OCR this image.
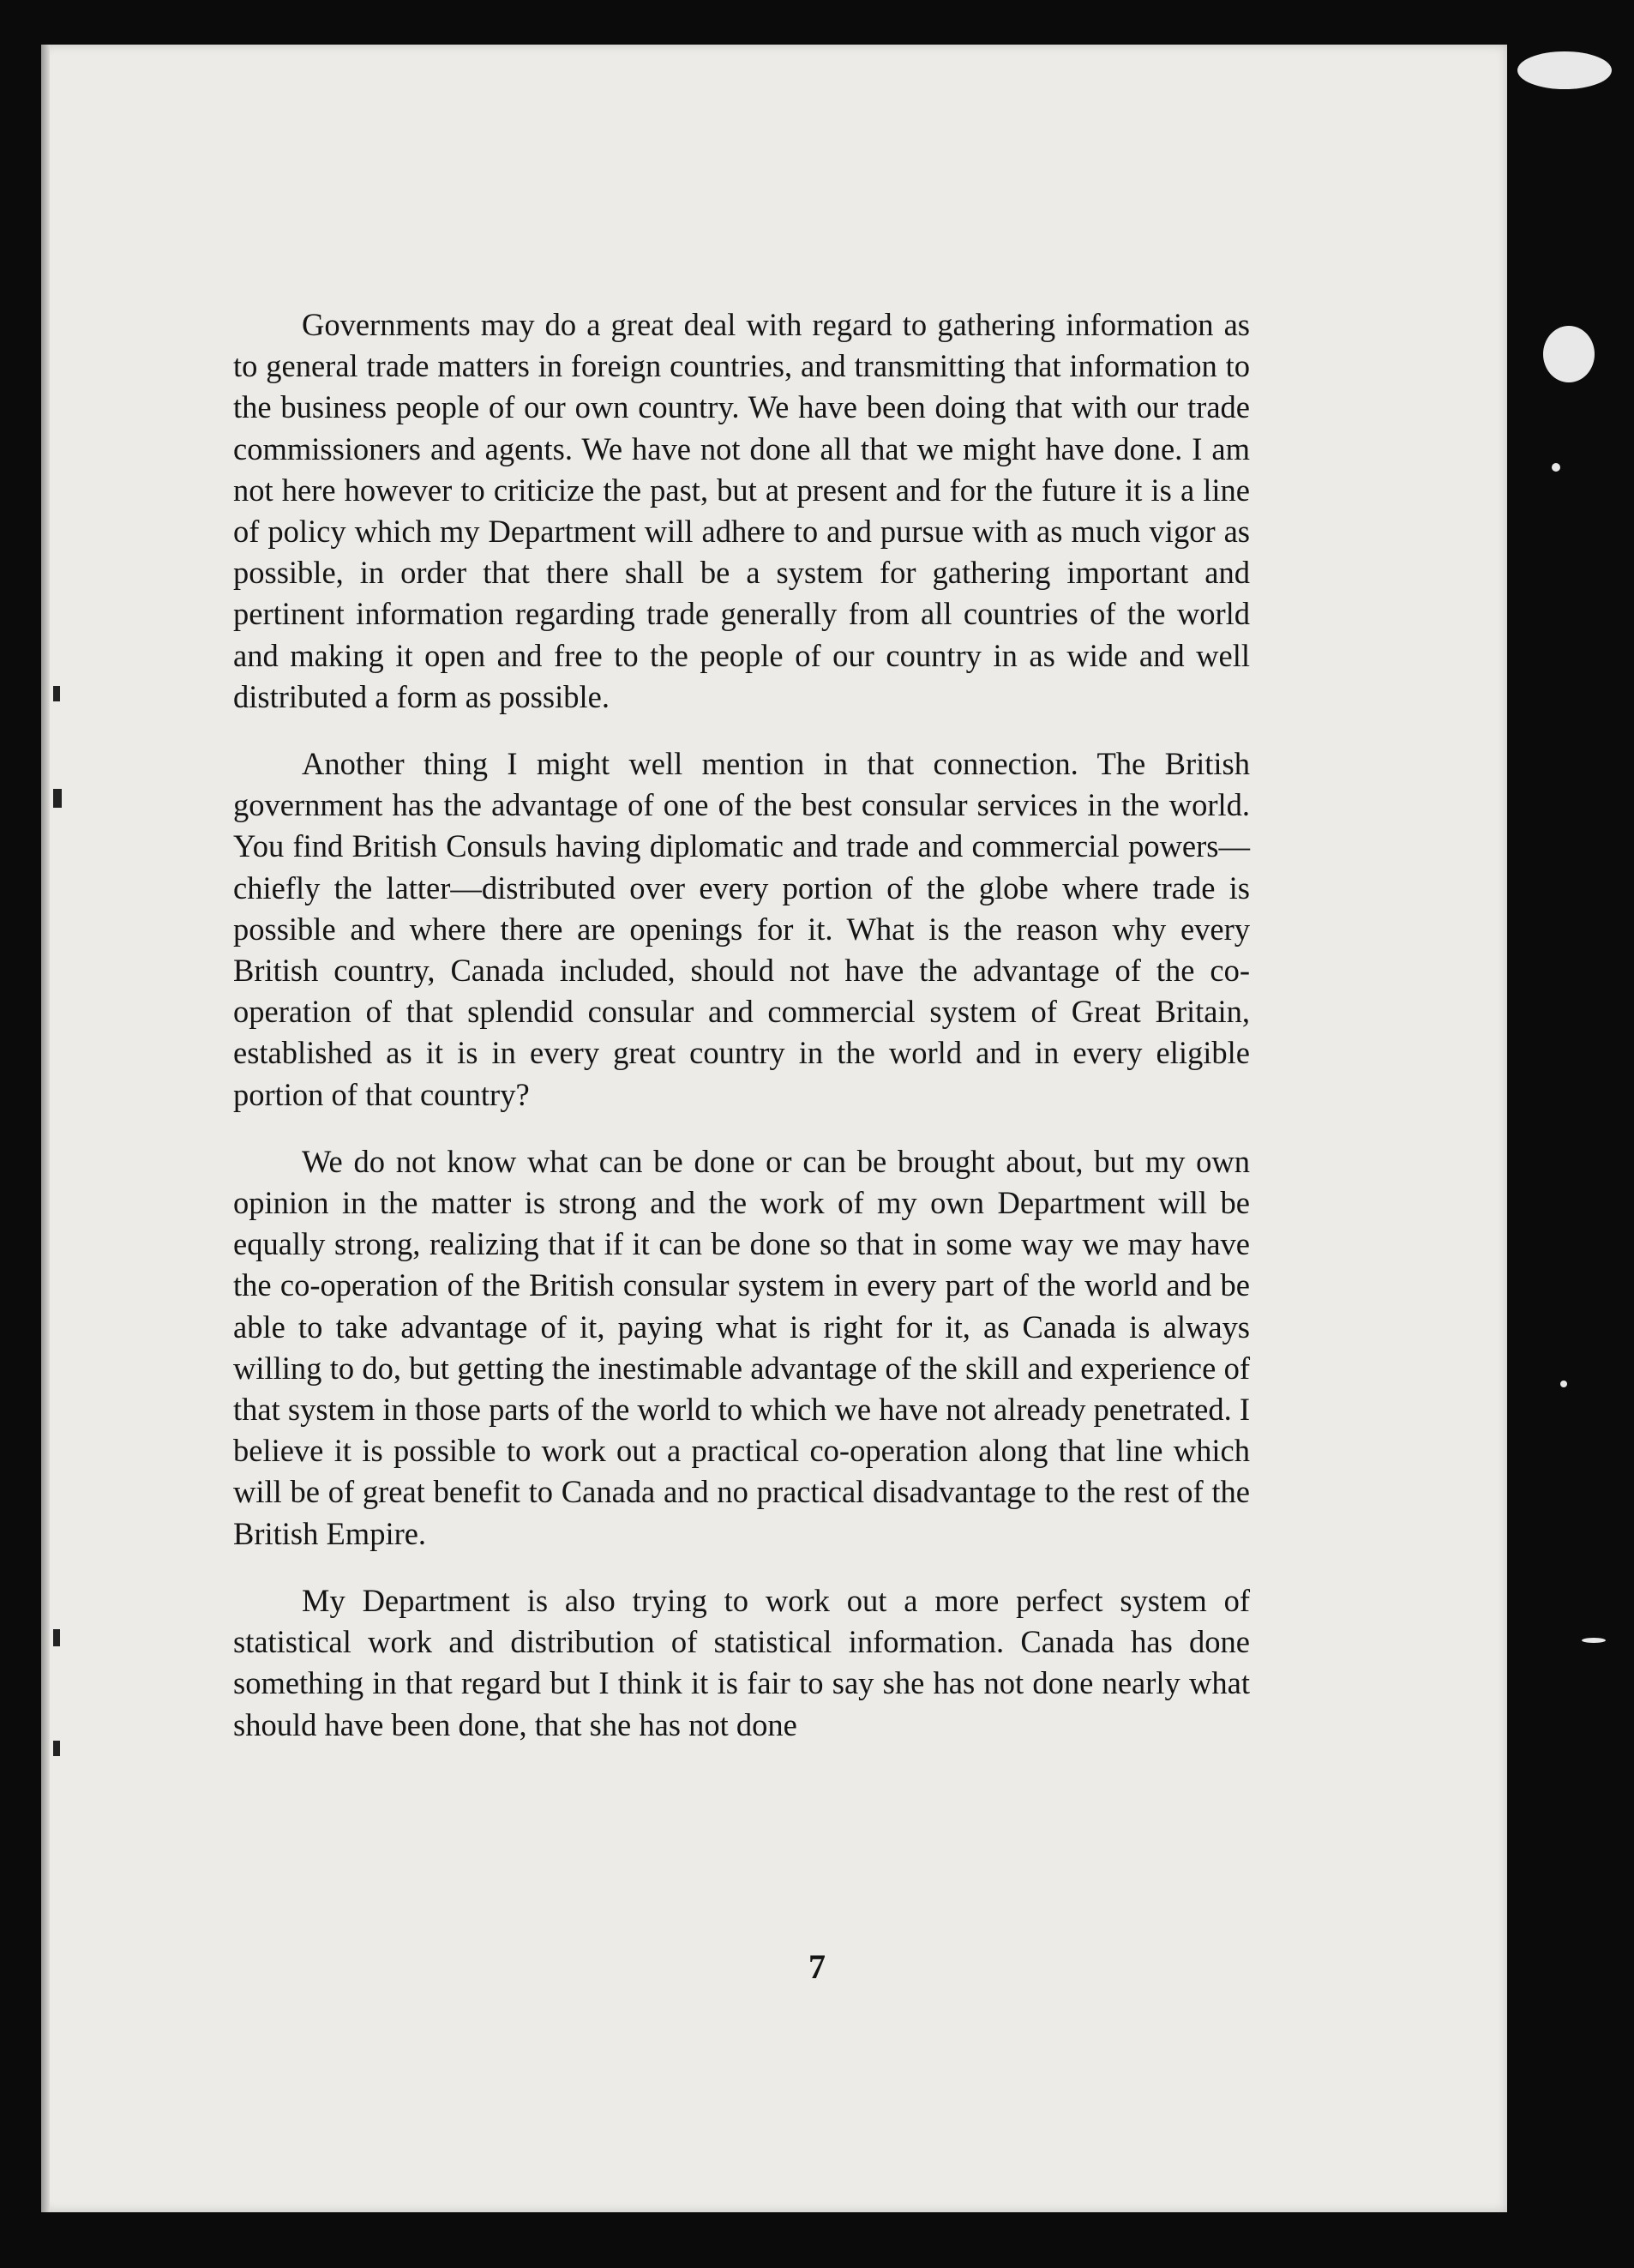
Governments may do a great deal with regard to gathering information as to general trade matters in foreign countries, and transmitting that information to the business people of our own country. We have been doing that with our trade commissioners and agents. We have not done all that we might have done. I am not here however to criticize the past, but at present and for the future it is a line of policy which my Department will adhere to and pursue with as much vigor as possible, in order that there shall be a system for gathering important and pertinent information regarding trade generally from all countries of the world and making it open and free to the people of our country in as wide and well distributed a form as possible.

Another thing I might well mention in that connection. The British government has the advantage of one of the best consular services in the world. You find British Consuls having diplomatic and trade and commercial powers—chiefly the latter—distributed over every portion of the globe where trade is possible and where there are openings for it. What is the reason why every British country, Canada included, should not have the advantage of the co-operation of that splendid consular and commercial system of Great Britain, established as it is in every great country in the world and in every eligible portion of that country?

We do not know what can be done or can be brought about, but my own opinion in the matter is strong and the work of my own Department will be equally strong, realizing that if it can be done so that in some way we may have the co-operation of the British consular system in every part of the world and be able to take advantage of it, paying what is right for it, as Canada is always willing to do, but getting the inestimable advantage of the skill and experience of that system in those parts of the world to which we have not already penetrated. I believe it is possible to work out a practical co-operation along that line which will be of great benefit to Canada and no practical disadvantage to the rest of the British Empire.

My Department is also trying to work out a more perfect system of statistical work and distribution of statistical information. Canada has done something in that regard but I think it is fair to say she has not done nearly what should have been done, that she has not done

7
